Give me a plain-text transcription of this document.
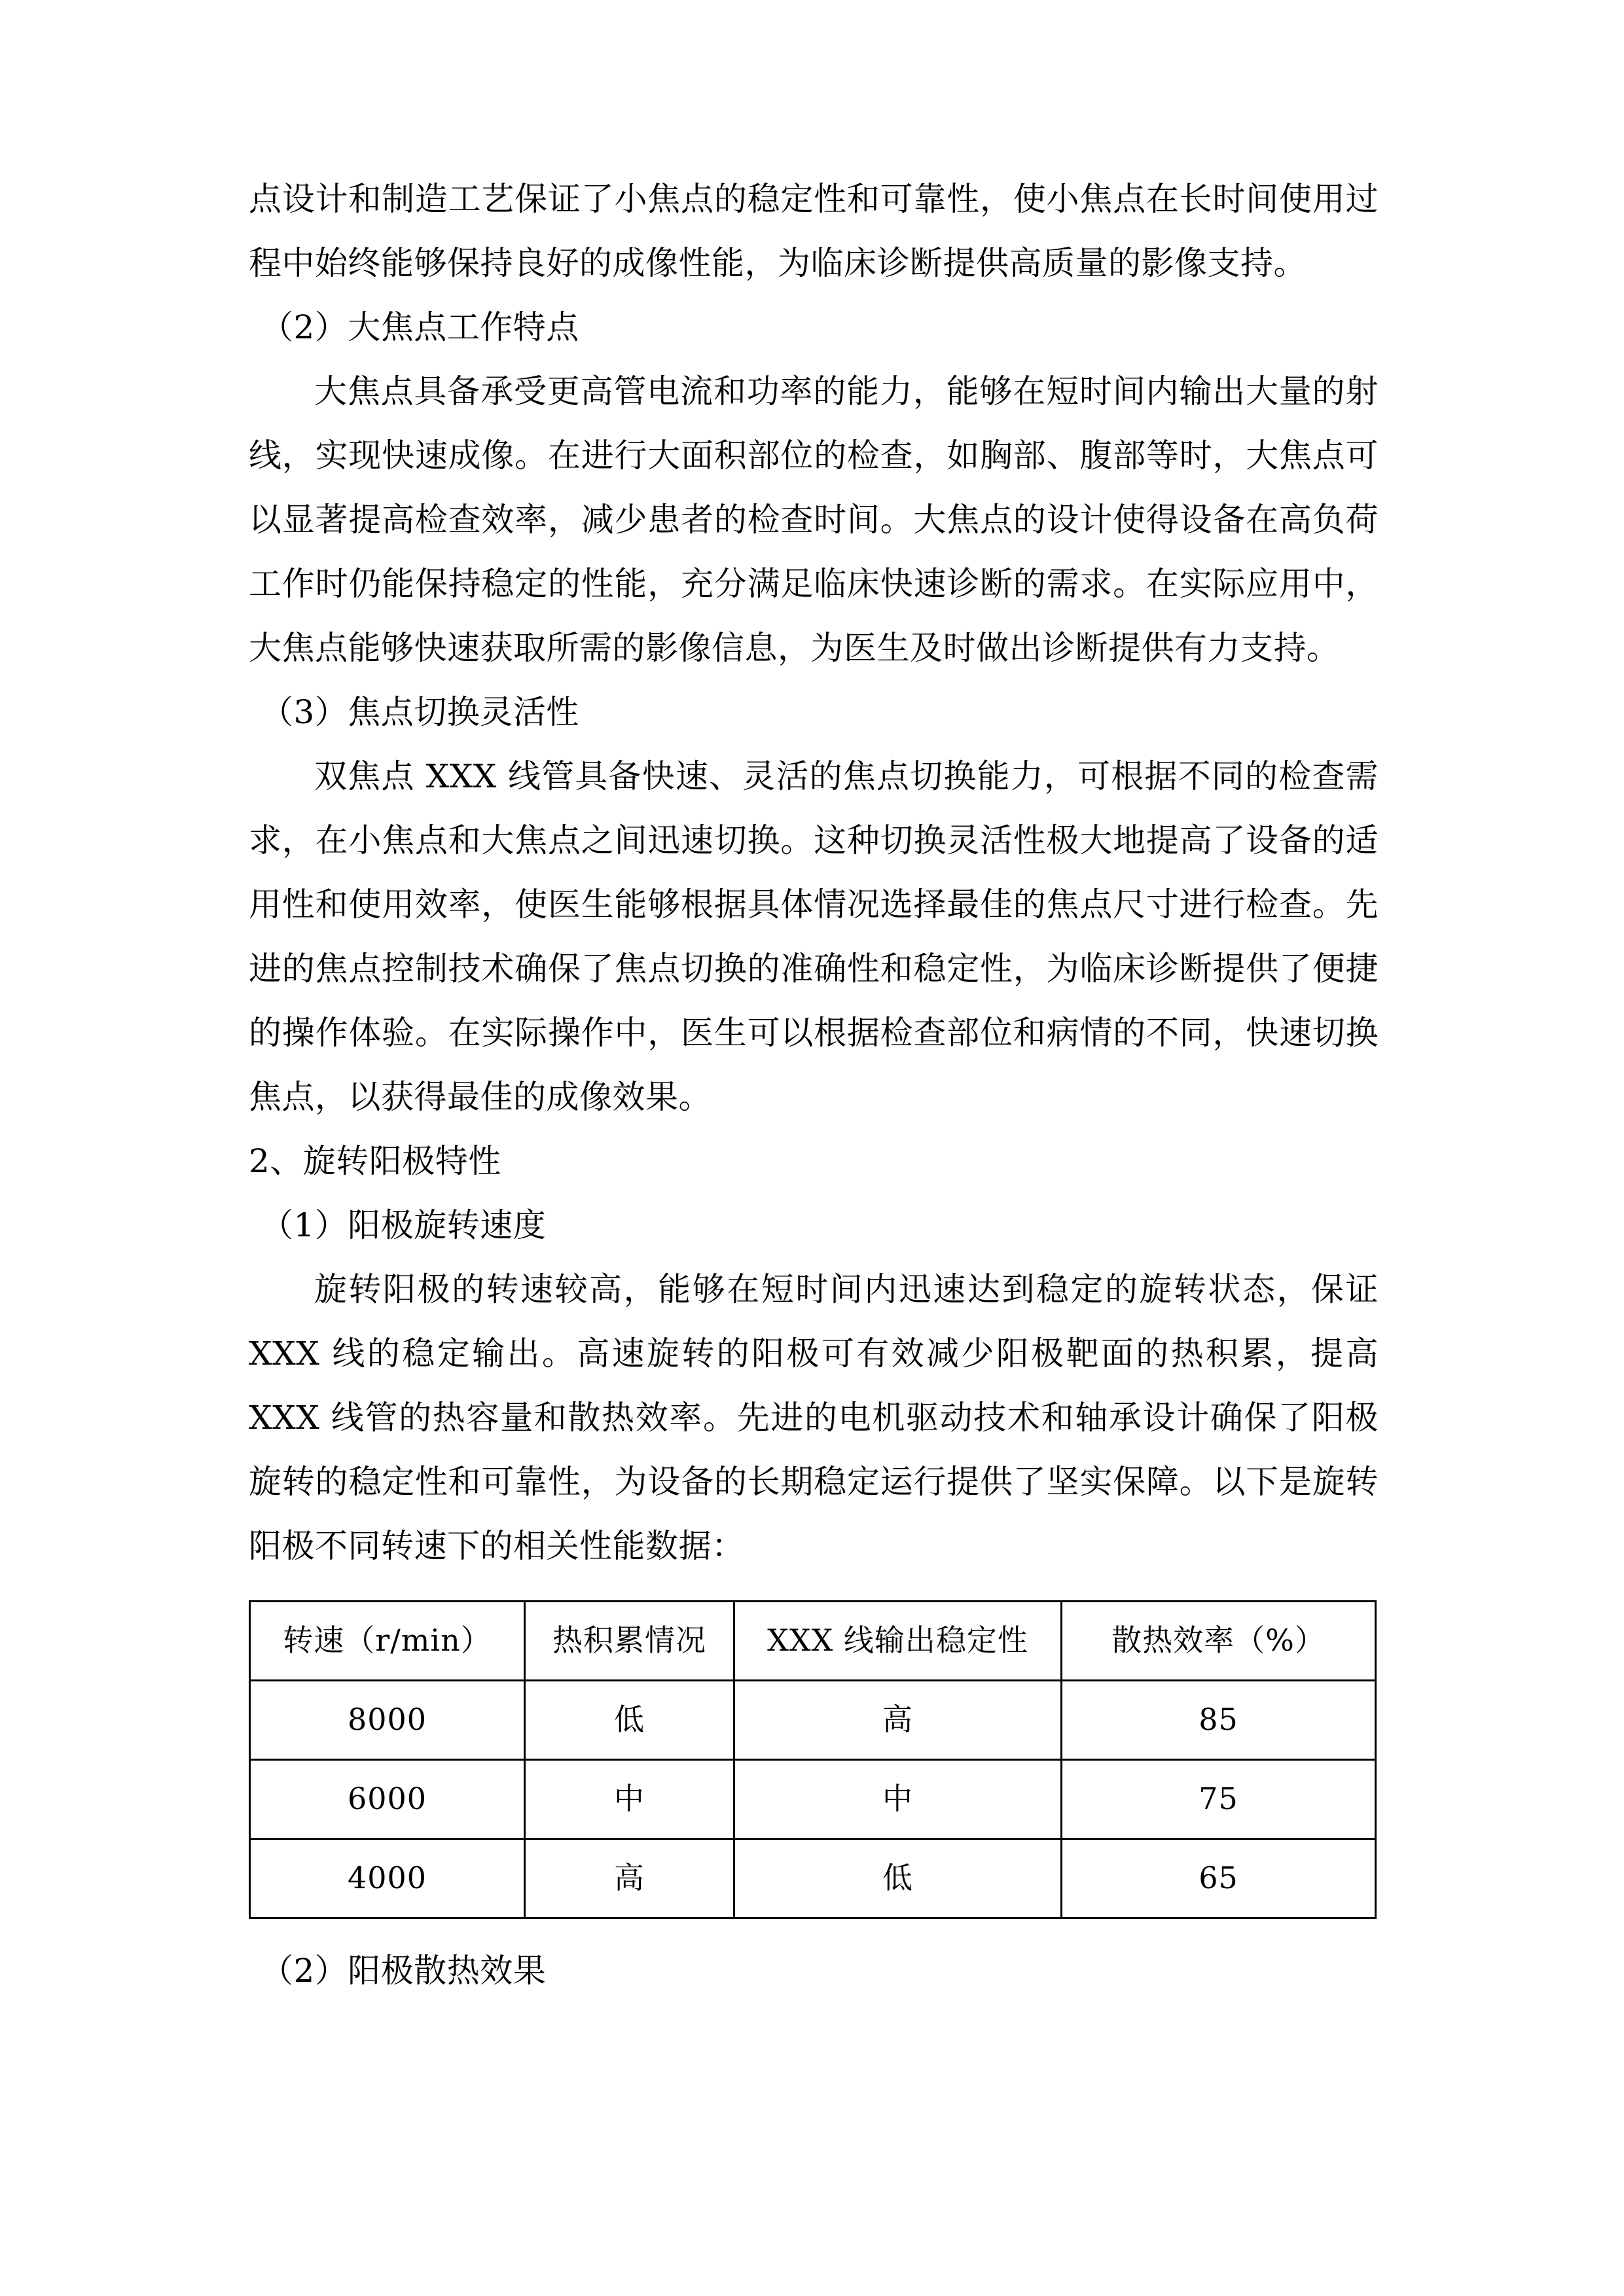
点设计和制造工艺保证了小焦点的稳定性和可靠性，使小焦点在长时间使用过程中始终能够保持良好的成像性能，为临床诊断提供高质量的影像支持。

（2）大焦点工作特点

大焦点具备承受更高管电流和功率的能力，能够在短时间内输出大量的射线，实现快速成像。在进行大面积部位的检查，如胸部、腹部等时，大焦点可以显著提高检查效率，减少患者的检查时间。大焦点的设计使得设备在高负荷工作时仍能保持稳定的性能，充分满足临床快速诊断的需求。在实际应用中，大焦点能够快速获取所需的影像信息，为医生及时做出诊断提供有力支持。

（3）焦点切换灵活性

双焦点 XXX 线管具备快速、灵活的焦点切换能力，可根据不同的检查需求，在小焦点和大焦点之间迅速切换。这种切换灵活性极大地提高了设备的适用性和使用效率，使医生能够根据具体情况选择最佳的焦点尺寸进行检查。先进的焦点控制技术确保了焦点切换的准确性和稳定性，为临床诊断提供了便捷的操作体验。在实际操作中，医生可以根据检查部位和病情的不同，快速切换焦点，以获得最佳的成像效果。

2、旋转阳极特性

（1）阳极旋转速度

旋转阳极的转速较高，能够在短时间内迅速达到稳定的旋转状态，保证 XXX 线的稳定输出。高速旋转的阳极可有效减少阳极靶面的热积累，提高 XXX 线管的热容量和散热效率。先进的电机驱动技术和轴承设计确保了阳极旋转的稳定性和可靠性，为设备的长期稳定运行提供了坚实保障。以下是旋转阳极不同转速下的相关性能数据：

转速（r/min）	热积累情况	XXX 线输出稳定性	散热效率（%）
8000	低	高	85
6000	中	中	75
4000	高	低	65

（2）阳极散热效果
